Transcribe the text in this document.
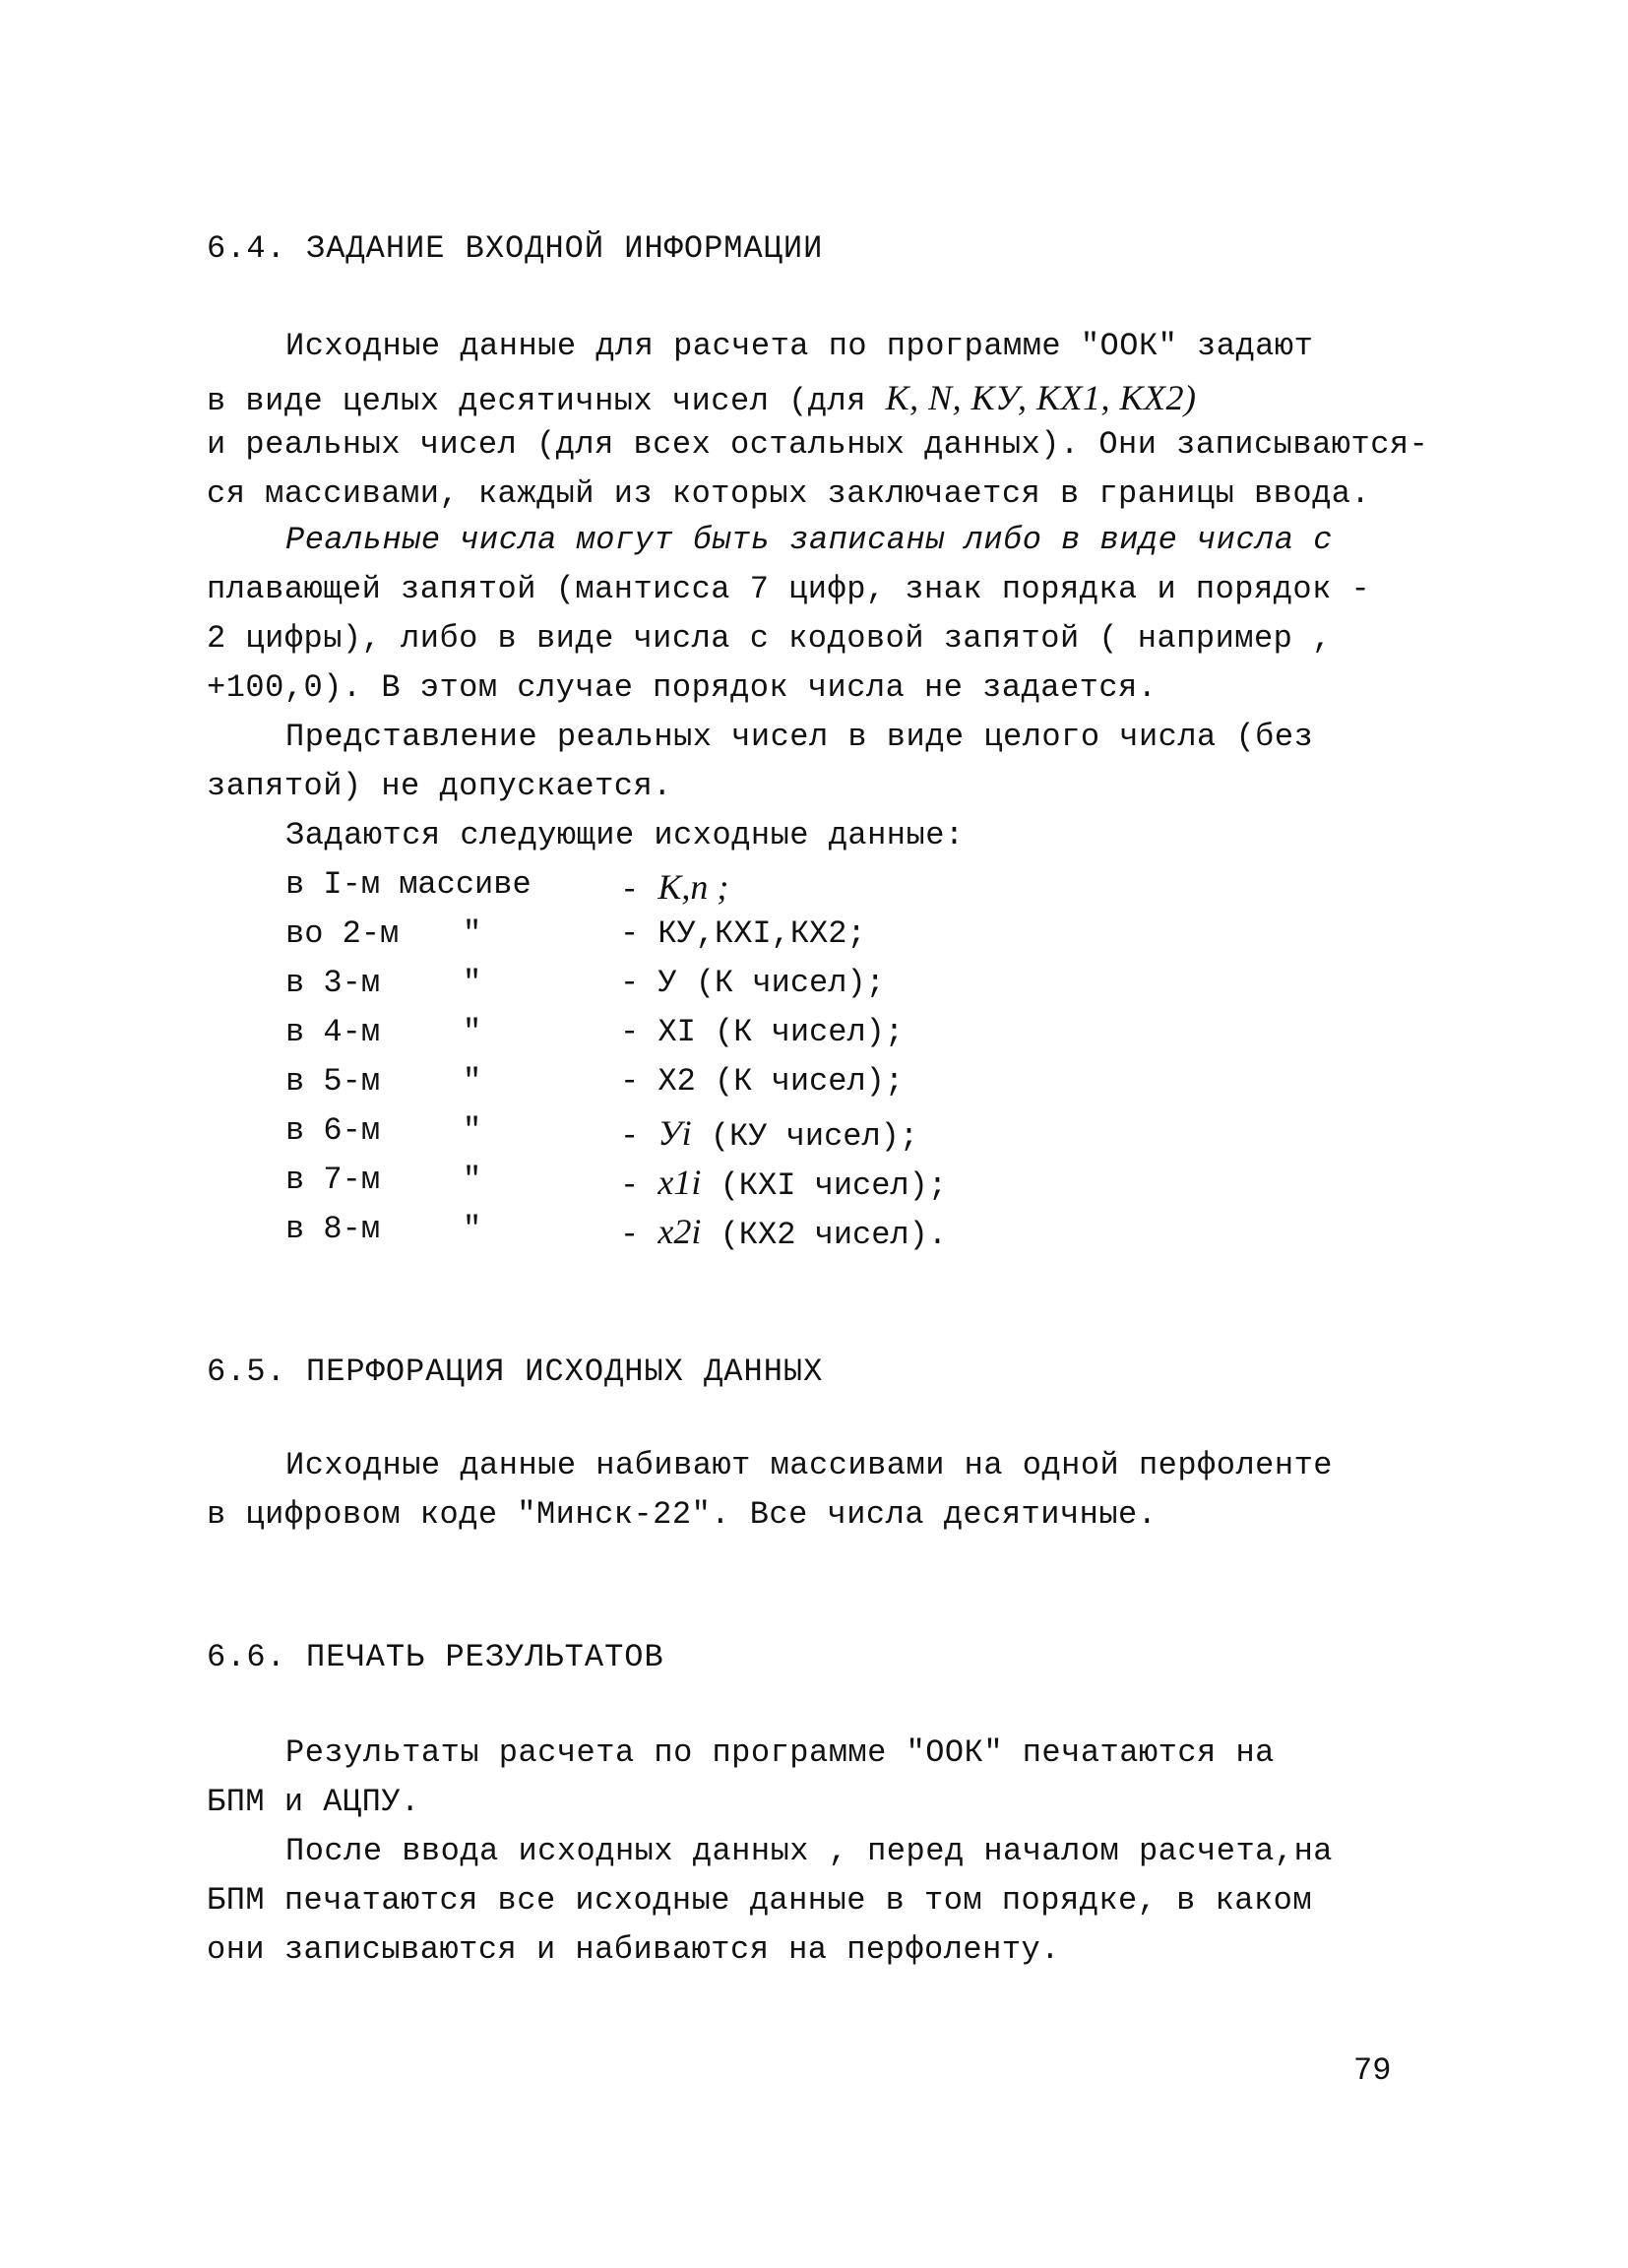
6.4. ЗАДАНИЕ ВХОДНОЙ ИНФОРМАЦИИ
Исходные данные для расчета по программе "ООК" задают
в виде целых десятичных чисел (для K, N, KУ, KX1, KX2)
и реальных чисел (для всех остальных данных). Они записываются-
ся массивами, каждый из которых заключается в границы ввода.
Реальные числа могут быть записаны либо в виде числа с
плавающей запятой (мантисса 7 цифр, знак порядка и порядок -
2 цифры), либо в виде числа с кодовой запятой ( например ,
+100,0). В этом случае порядок числа не задается.
Представление реальных чисел в виде целого числа (без
запятой) не допускается.
Задаются следующие исходные данные:
в I-м массиве	- K,n ;
во 2-м "	- КУ,КХI,КХ2;
в 3-м	"	- У (К чисел);
в 4-м	"	- ХI (К чисел);
в 5-м	"	- Х2 (К чисел);
в 6-м	"	- Уi (КУ чисел);
в 7-м	"	- x1i (КХI чисел);
в 8-м	"	- x2i (КХ2 чисел).
6.5. ПЕРФОРАЦИЯ ИСХОДНЫХ ДАННЫХ
Исходные данные набивают массивами на одной перфоленте
в цифровом коде "Минск-22". Все числа десятичные.
6.6. ПЕЧАТЬ РЕЗУЛЬТАТОВ
Результаты расчета по программе "ООК" печатаются на
БПМ и АЦПУ.
После ввода исходных данных , перед началом расчета,на
БПМ печатаются все исходные данные в том порядке, в каком
они записываются и набиваются на перфоленту.
79
